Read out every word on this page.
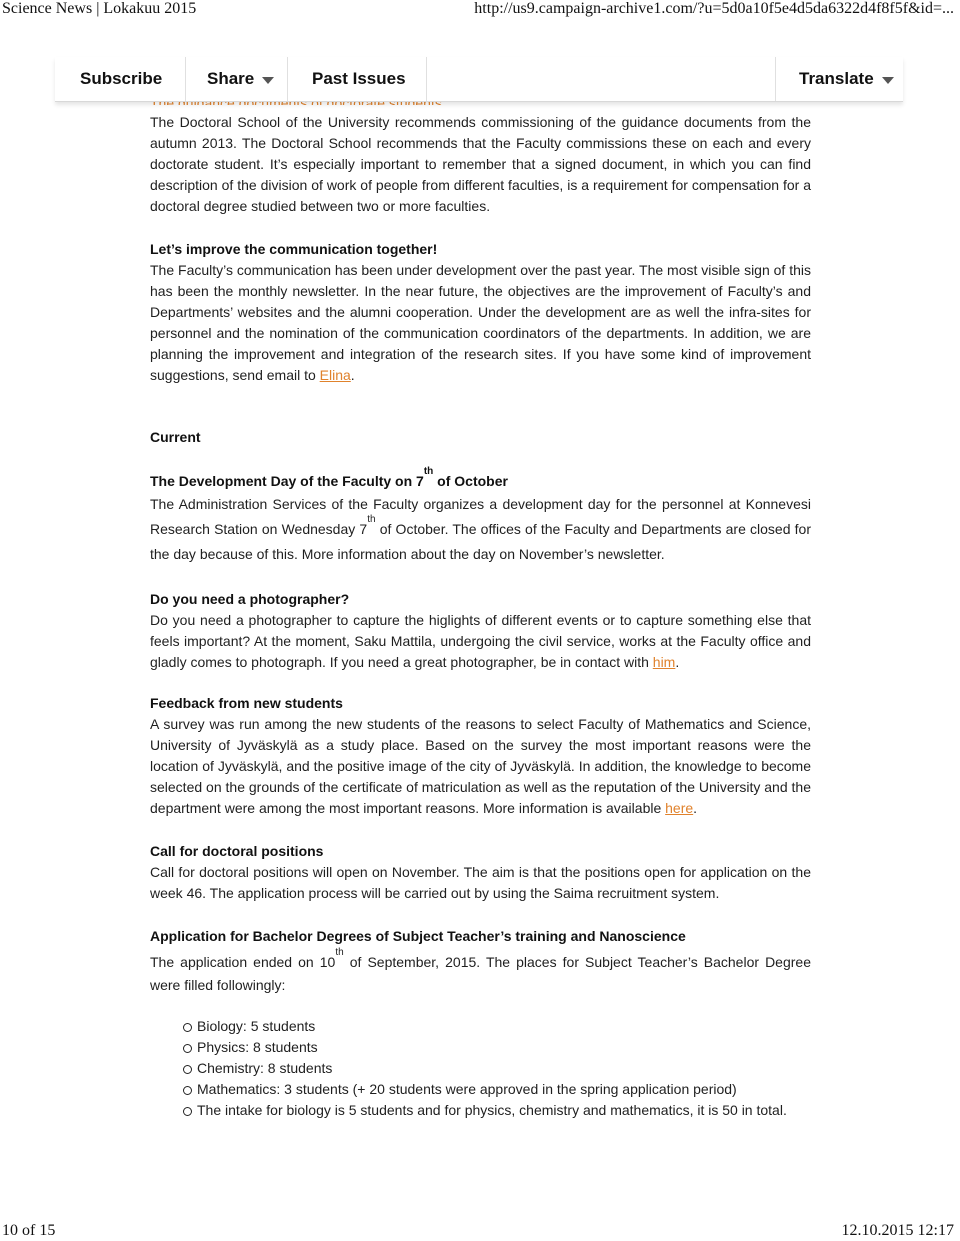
Science News | Lokakuu 2015	http://us9.campaign-archive1.com/?u=5d0a10f5e4d5da6322d4f8f5f&id=...
Subscribe	Share	Past Issues	Translate

The Doctoral School of the University recommends commissioning of the guidance documents from the autumn 2013. The Doctoral School recommends that the Faculty commissions these on each and every doctorate student. It’s especially important to remember that a signed document, in which you can find description of the division of work of people from different faculties, is a requirement for compensation for a doctoral degree studied between two or more faculties.

Let’s improve the communication together!

The Faculty’s communication has been under development over the past year. The most visible sign of this has been the monthly newsletter. In the near future, the objectives are the improvement of Faculty’s and Departments’ websites and the alumni cooperation. Under the development are as well the infra-sites for personnel and the nomination of the communication coordinators of the departments. In addition, we are planning the improvement and integration of the research sites. If you have some kind of improvement suggestions, send email to Elina.

Current
The Development Day of the Faculty on 7th of October

The Administration Services of the Faculty organizes a development day for the personnel at Konnevesi Research Station on Wednesday 7th of October. The offices of the Faculty and Departments are closed for the day because of this. More information about the day on November’s newsletter.

Do you need a photographer?

Do you need a photographer to capture the higlights of different events or to capture something else that feels important? At the moment, Saku Mattila, undergoing the civil service, works at the Faculty office and gladly comes to photograph. If you need a great photographer, be in contact with him.

Feedback from new students

A survey was run among the new students of the reasons to select Faculty of Mathematics and Science, University of Jyväskylä as a study place. Based on the survey the most important reasons were the location of Jyväskylä, and the positive image of the city of Jyväskylä. In addition, the knowledge to become selected on the grounds of the certificate of matriculation as well as the reputation of the University and the department were among the most important reasons. More information is available here.

Call for doctoral positions

Call for doctoral positions will open on November. The aim is that the positions open for application on the week 46. The application process will be carried out by using the Saima recruitment system.

Application for Bachelor Degrees of Subject Teacher’s training and Nanoscience

The application ended on 10th of September, 2015. The places for Subject Teacher’s Bachelor Degree were filled followingly:

Biology: 5 students
Physics: 8 students
Chemistry: 8 students
Mathematics: 3 students (+ 20 students were approved in the spring application period)
The intake for biology is 5 students and for physics, chemistry and mathematics, it is 50 in total.
10 of 15	12.10.2015 12:17
